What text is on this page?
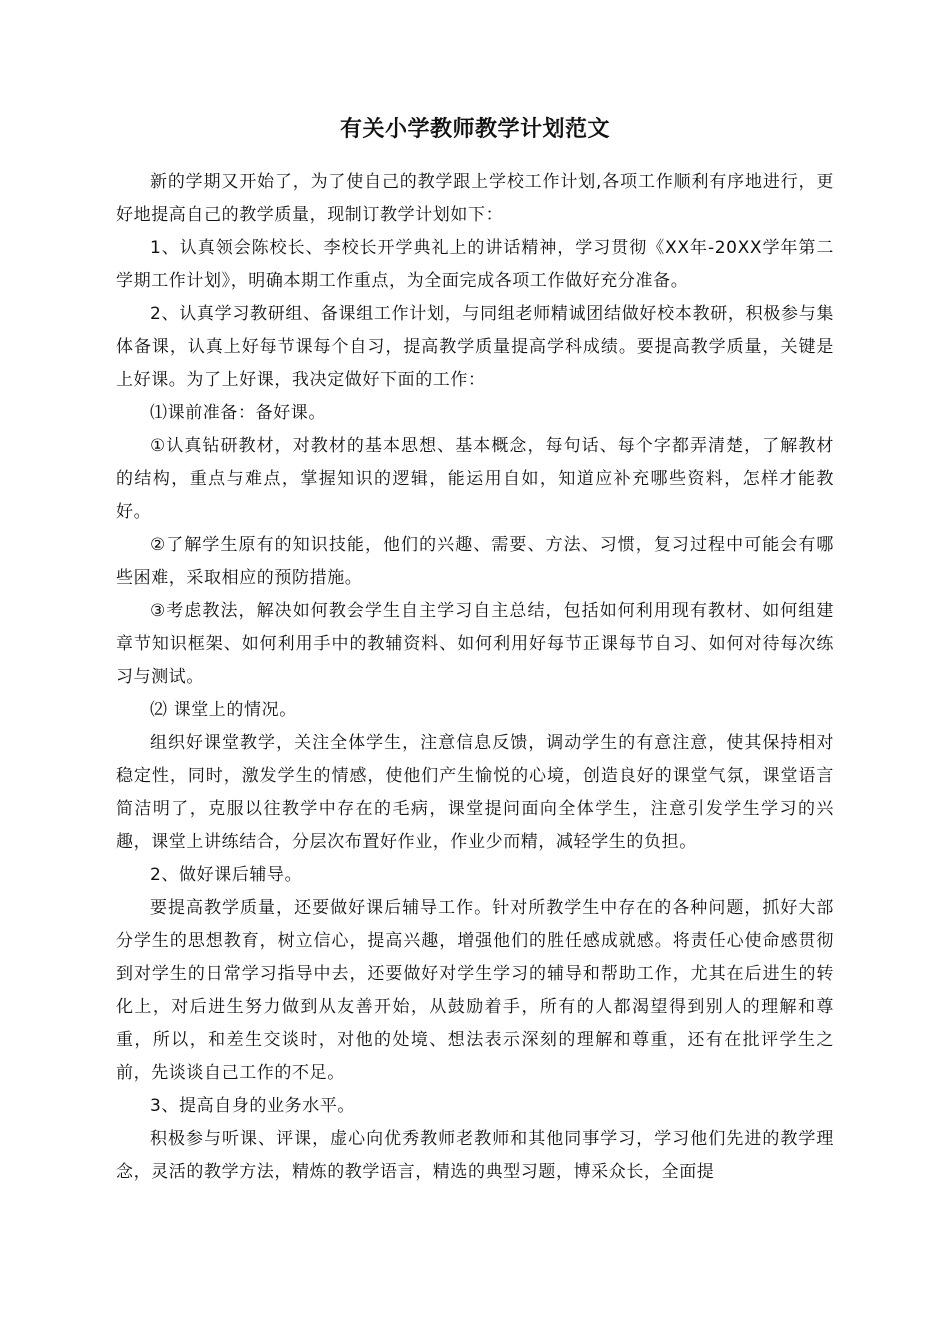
有关小学教师教学计划范文

新的学期又开始了，为了使自己的教学跟上学校工作计划,各项工作顺利有序地进行，更好地提高自己的教学质量，现制订教学计划如下：

1、认真领会陈校长、李校长开学典礼上的讲话精神，学习贯彻《XX年-20XX学年第二学期工作计划》，明确本期工作重点，为全面完成各项工作做好充分准备。

2、认真学习教研组、备课组工作计划，与同组老师精诚团结做好校本教研，积极参与集体备课，认真上好每节课每个自习，提高教学质量提高学科成绩。要提高教学质量，关键是上好课。为了上好课，我决定做好下面的工作：

⑴课前准备：备好课。

①认真钻研教材，对教材的基本思想、基本概念，每句话、每个字都弄清楚，了解教材的结构，重点与难点，掌握知识的逻辑，能运用自如，知道应补充哪些资料，怎样才能教好。

②了解学生原有的知识技能，他们的兴趣、需要、方法、习惯，复习过程中可能会有哪些困难，采取相应的预防措施。

③考虑教法，解决如何教会学生自主学习自主总结，包括如何利用现有教材、如何组建章节知识框架、如何利用手中的教辅资料、如何利用好每节正课每节自习、如何对待每次练习与测试。

⑵ 课堂上的情况。

组织好课堂教学，关注全体学生，注意信息反馈，调动学生的有意注意，使其保持相对稳定性，同时，激发学生的情感，使他们产生愉悦的心境，创造良好的课堂气氛，课堂语言简洁明了，克服以往教学中存在的毛病，课堂提问面向全体学生，注意引发学生学习的兴趣，课堂上讲练结合，分层次布置好作业，作业少而精，减轻学生的负担。

2、做好课后辅导。

要提高教学质量，还要做好课后辅导工作。针对所教学生中存在的各种问题，抓好大部分学生的思想教育，树立信心，提高兴趣，增强他们的胜任感成就感。将责任心使命感贯彻到对学生的日常学习指导中去，还要做好对学生学习的辅导和帮助工作，尤其在后进生的转化上，对后进生努力做到从友善开始，从鼓励着手，所有的人都渴望得到别人的理解和尊重，所以，和差生交谈时，对他的处境、想法表示深刻的理解和尊重，还有在批评学生之前，先谈谈自己工作的不足。

3、提高自身的业务水平。

积极参与听课、评课，虚心向优秀教师老教师和其他同事学习，学习他们先进的教学理念，灵活的教学方法，精炼的教学语言，精选的典型习题，博采众长，全面提
